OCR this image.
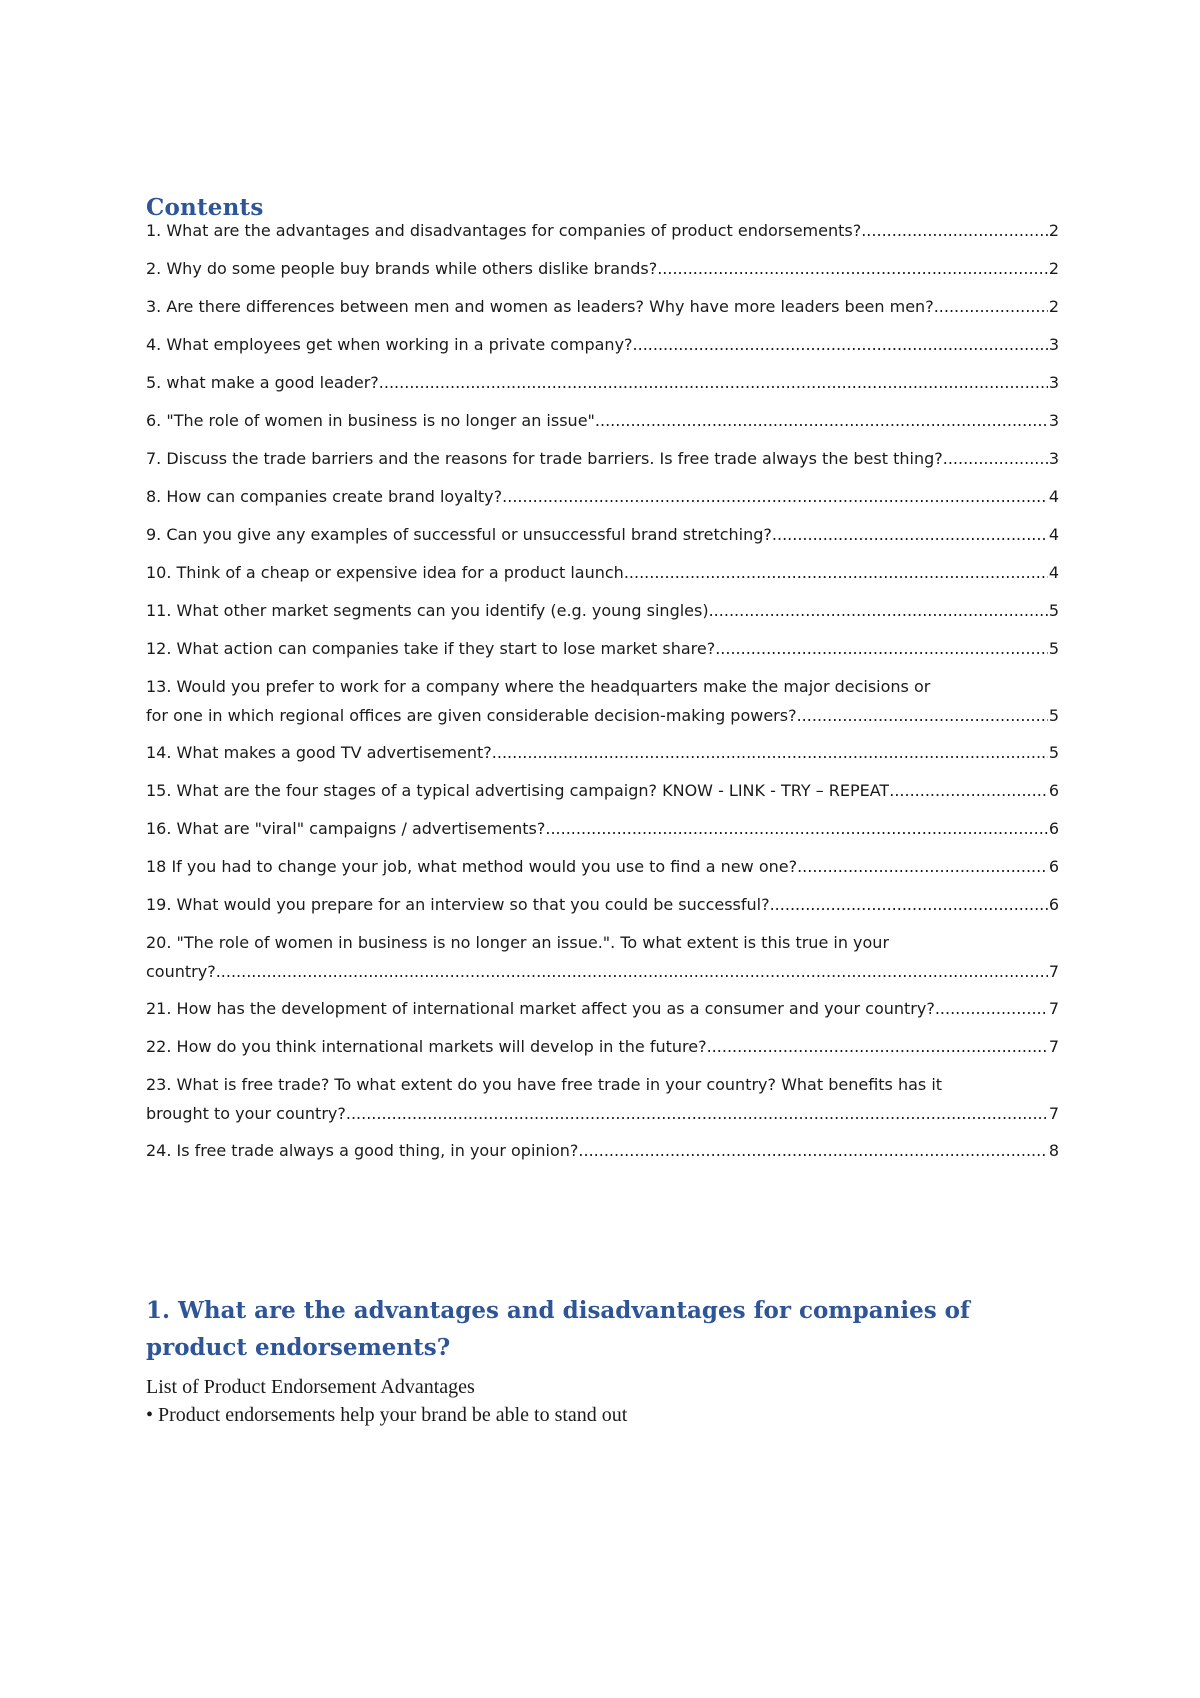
Contents
1. What are the advantages and disadvantages for companies of product endorsements? .....	2
2. Why do some people buy brands while others dislike brands? .....	2
3. Are there differences between men and women as leaders? Why have more leaders been men? .....	2
4. What employees get when working in a private company? .....	3
5. what make a good leader? .....	3
6. "The role of women in business is no longer an issue" .....	3
7. Discuss the trade barriers and the reasons for trade barriers. Is free trade always the best thing? .....	3
8. How can companies create brand loyalty? .....	4
9. Can you give any examples of successful or unsuccessful brand stretching? .....	4
10. Think of a cheap or expensive idea for a product launch .....	4
11. What other market segments can you identify (e.g. young singles) .....	5
12. What action can companies take if they start to lose market share? .....	5
13. Would you prefer to work for a company where the headquarters make the major decisions or
for one in which regional offices are given considerable decision-making powers? .....	5
14. What makes a good TV advertisement? .....	5
15. What are the four stages of a typical advertising campaign? KNOW - LINK - TRY – REPEAT .....	6
16. What are "viral" campaigns / advertisements? .....	6
18 If you had to change your job, what method would you use to find a new one? .....	6
19. What would you prepare for an interview so that you could be successful? .....	6
20. "The role of women in business is no longer an issue.". To what extent is this true in your
country? .....	7
21. How has the development of international market affect you as a consumer and your country? .....	7
22. How do you think international markets will develop in the future? .....	7
23. What is free trade? To what extent do you have free trade in your country? What benefits has it
brought to your country? .....	7
24. Is free trade always a good thing, in your opinion? .....	8
1. What are the advantages and disadvantages for companies of product endorsements?

List of Product Endorsement Advantages

• Product endorsements help your brand be able to stand out
